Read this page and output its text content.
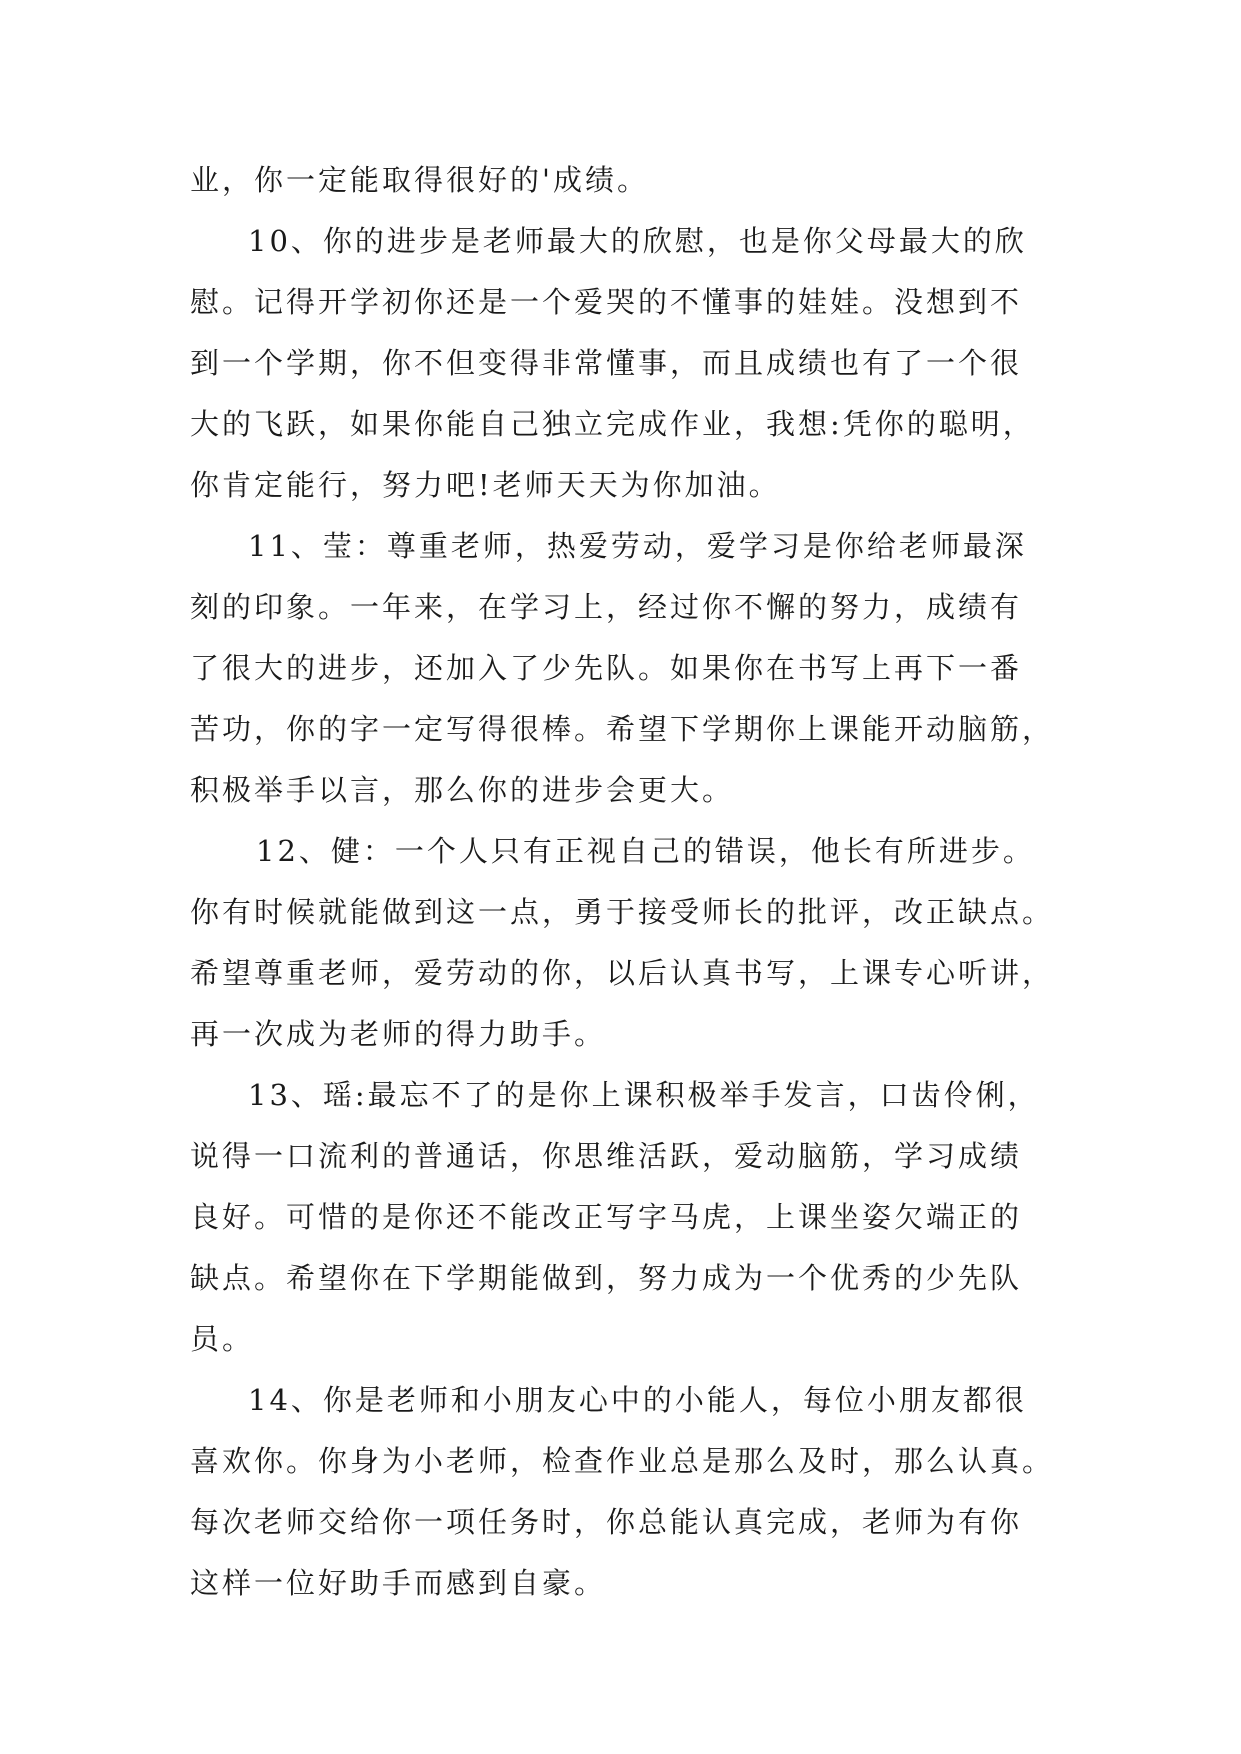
业，你一定能取得很好的'成绩。
10、你的进步是老师最大的欣慰，也是你父母最大的欣
慰。记得开学初你还是一个爱哭的不懂事的娃娃。没想到不
到一个学期，你不但变得非常懂事，而且成绩也有了一个很
大的飞跃，如果你能自己独立完成作业，我想:凭你的聪明，
你肯定能行，努力吧!老师天天为你加油。
11、莹：尊重老师，热爱劳动，爱学习是你给老师最深
刻的印象。一年来，在学习上，经过你不懈的努力，成绩有
了很大的进步，还加入了少先队。如果你在书写上再下一番
苦功，你的字一定写得很棒。希望下学期你上课能开动脑筋，
积极举手以言，那么你的进步会更大。
12、健：一个人只有正视自己的错误，他长有所进步。
你有时候就能做到这一点，勇于接受师长的批评，改正缺点。
希望尊重老师，爱劳动的你，以后认真书写，上课专心听讲，
再一次成为老师的得力助手。
13、瑶:最忘不了的是你上课积极举手发言，口齿伶俐，
说得一口流利的普通话，你思维活跃，爱动脑筋，学习成绩
良好。可惜的是你还不能改正写字马虎，上课坐姿欠端正的
缺点。希望你在下学期能做到，努力成为一个优秀的少先队
员。
14、你是老师和小朋友心中的小能人，每位小朋友都很
喜欢你。你身为小老师，检查作业总是那么及时，那么认真。
每次老师交给你一项任务时，你总能认真完成，老师为有你
这样一位好助手而感到自豪。
